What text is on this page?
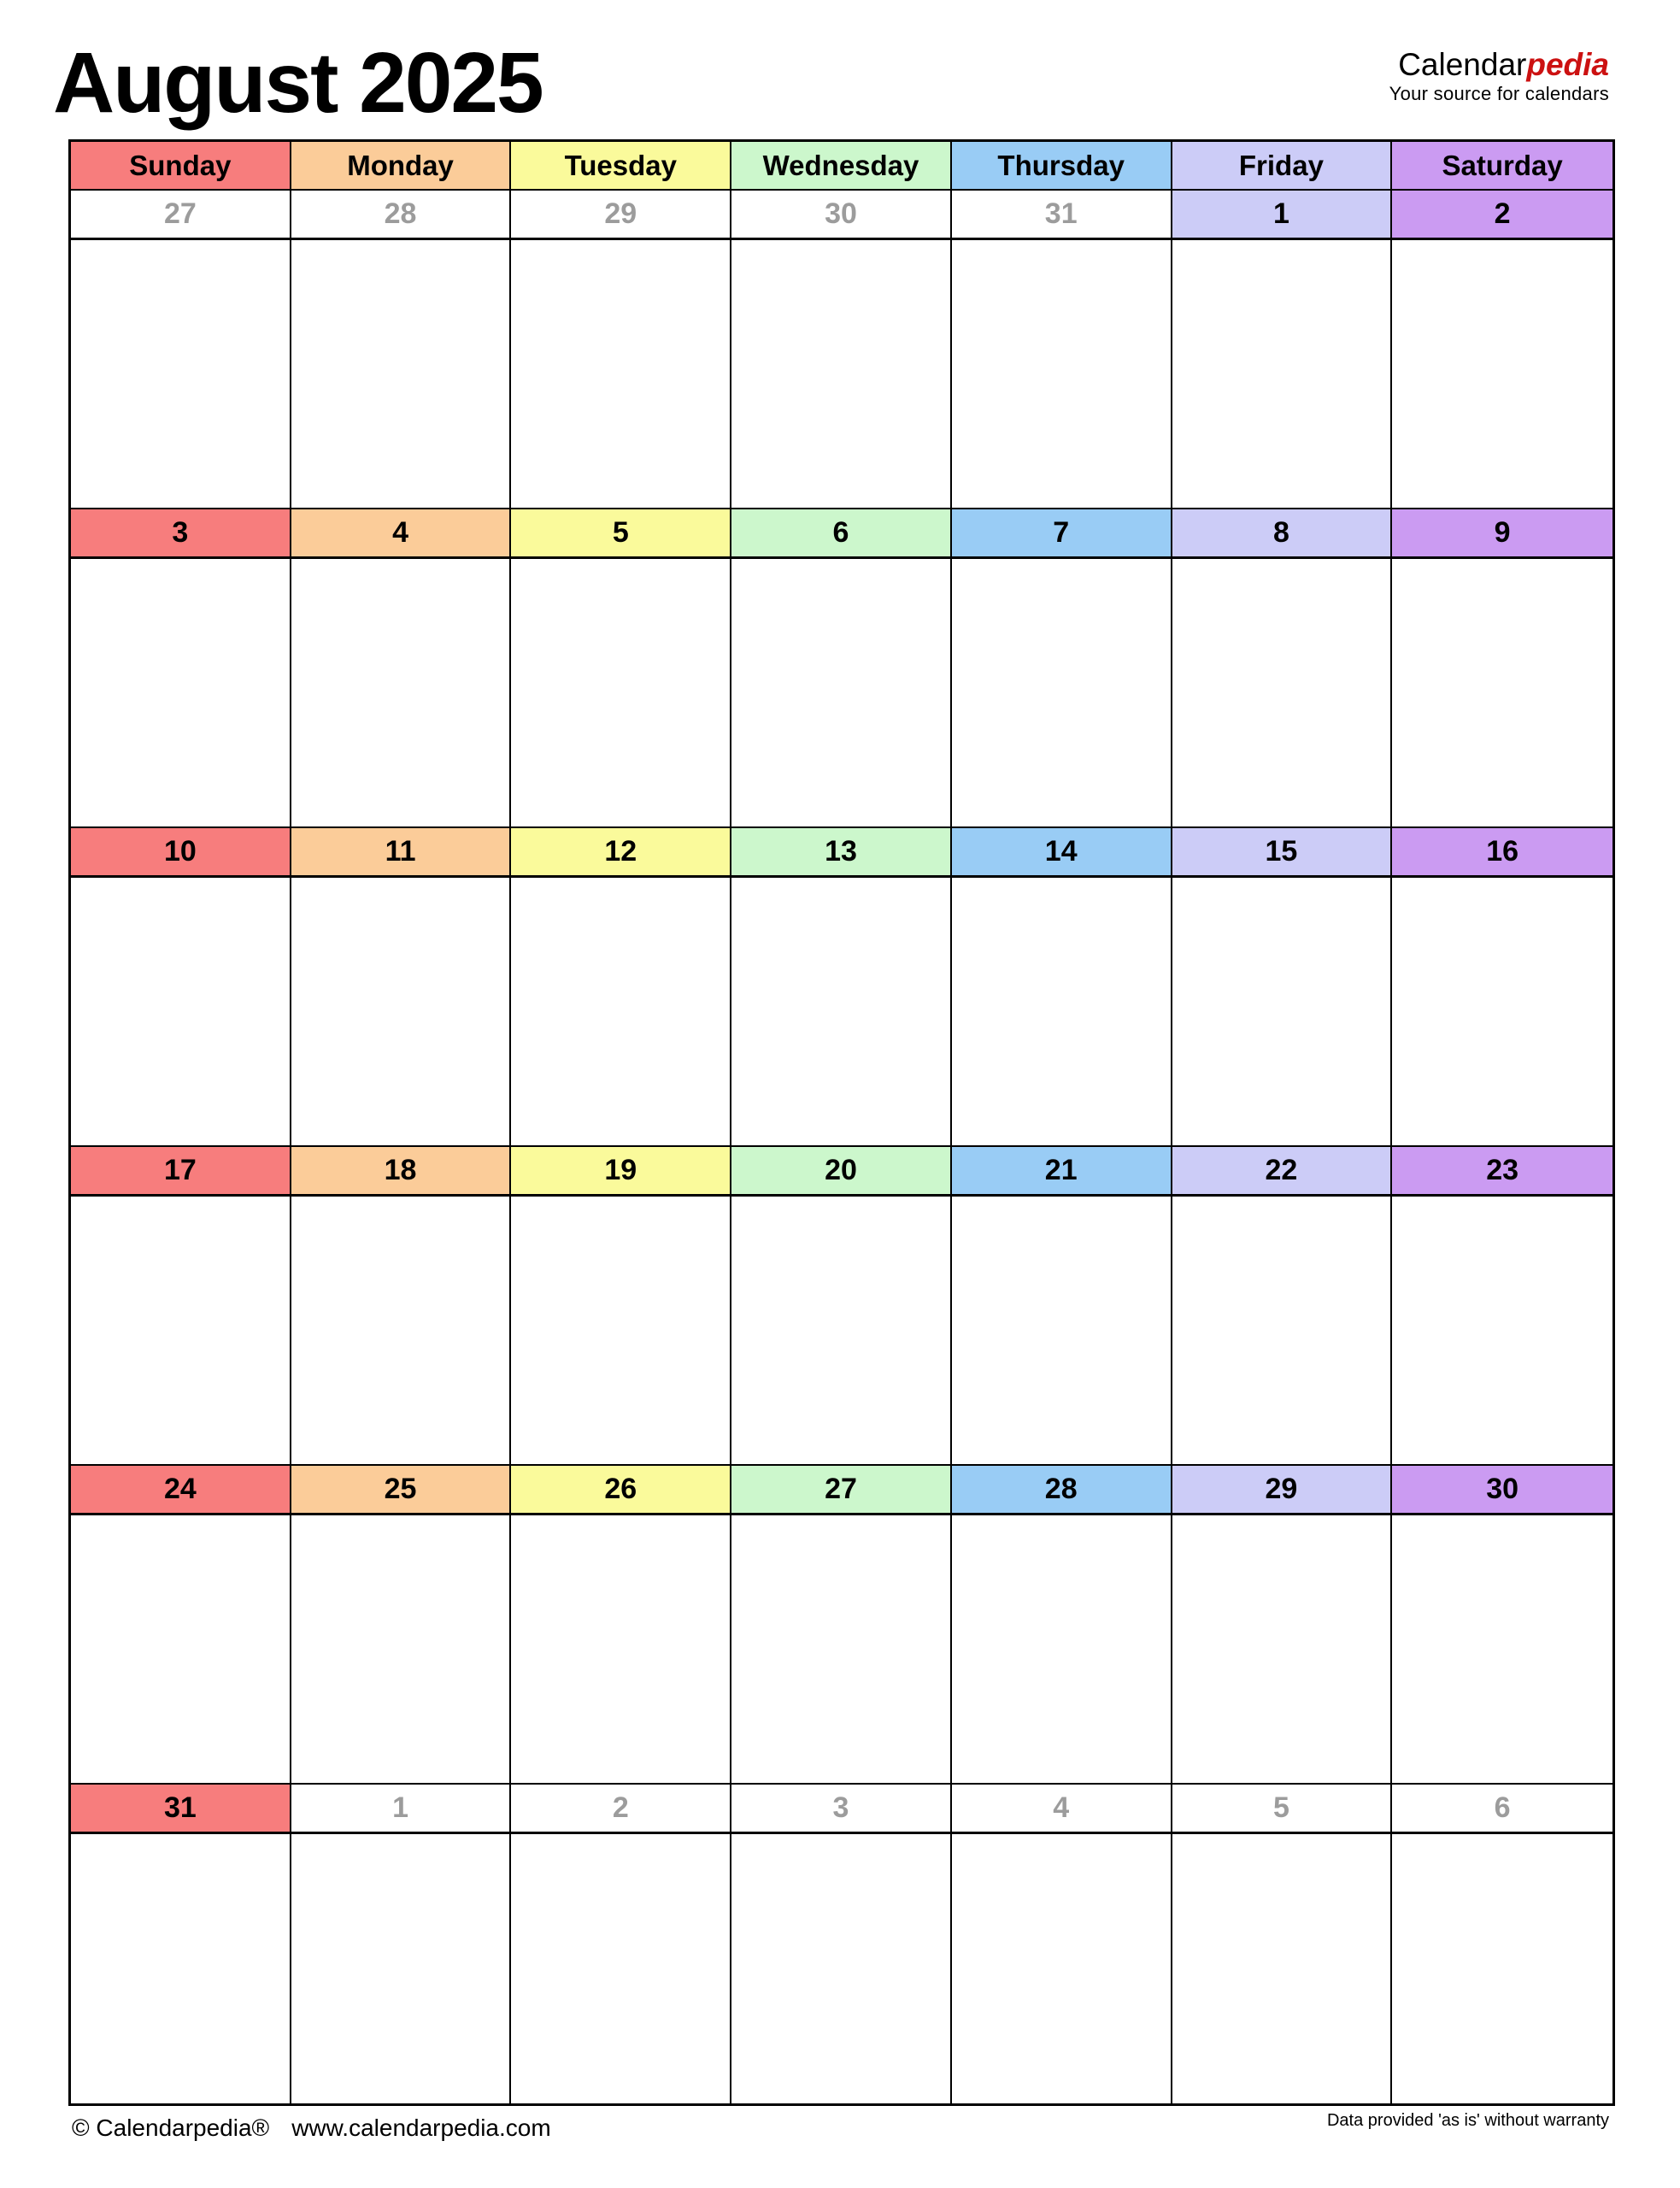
August 2025	Calendarpedia
Your source for calendars
Sunday	Monday	Tuesday	Wednesday	Thursday	Friday	Saturday
27	28	29	30	31	1	2
3	4	5	6	7	8	9
10	11	12	13	14	15	16
17	18	19	20	21	22	23
24	25	26	27	28	29	30
31	1	2	3	4	5	6
© Calendarpedia® www.calendarpedia.com	Data provided 'as is' without warranty
